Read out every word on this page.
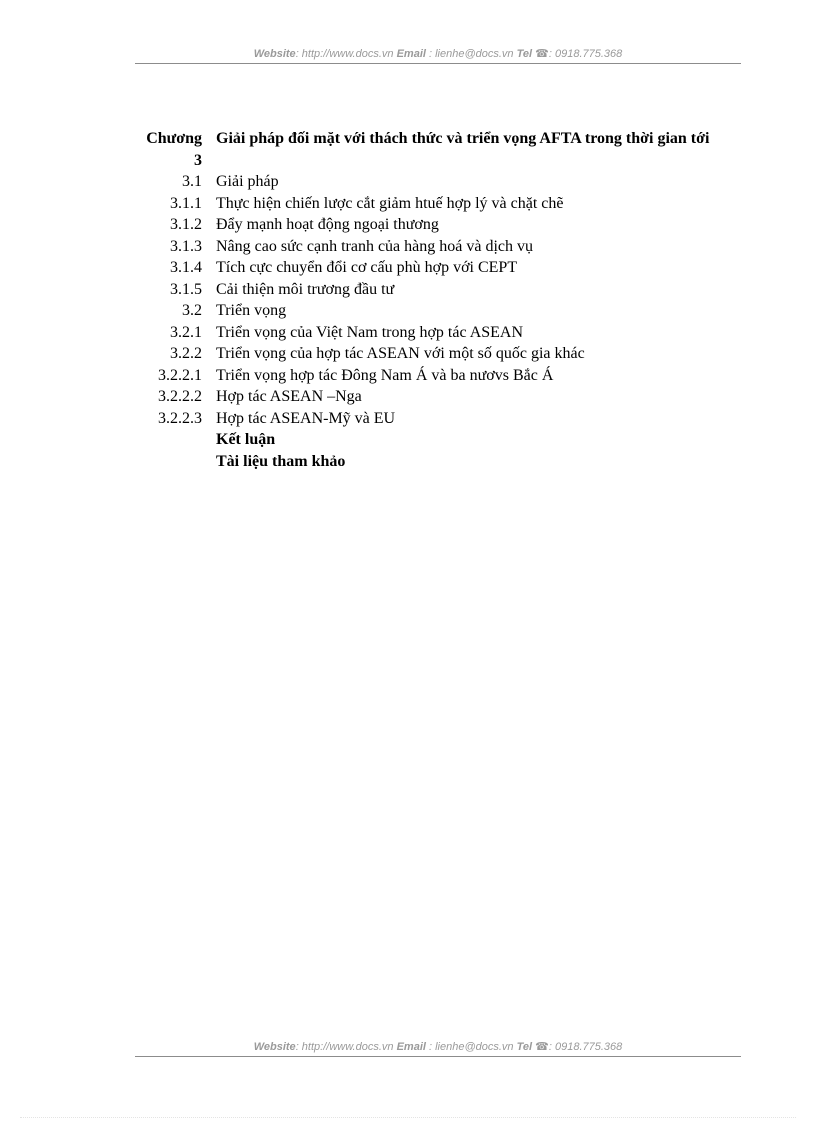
Website: http://www.docs.vn Email : lienhe@docs.vn Tel ☎: 0918.775.368
Chương 3
Giải pháp đối mặt với thách thức và triển vọng AFTA trong thời gian tới
3.1 Giải pháp
3.1.1 Thực hiện chiến lược cắt giảm htuế hợp lý và chặt chẽ
3.1.2 Đẩy mạnh hoạt động ngoại thương
3.1.3 Nâng cao sức cạnh tranh của hàng hoá và dịch vụ
3.1.4 Tích cực chuyển đổi cơ cấu phù hợp với CEPT
3.1.5 Cải thiện môi trương đầu tư
3.2 Triển vọng
3.2.1 Triển vọng của Việt Nam trong hợp tác ASEAN
3.2.2 Triển vọng của hợp tác ASEAN với một số quốc gia khác
3.2.2.1 Triển vọng hợp tác Đông Nam Á và ba nươvs Bắc Á
3.2.2.2 Hợp tác ASEAN –Nga
3.2.2.3 Hợp tác ASEAN-Mỹ và EU
Kết luận
Tài liệu tham khảo
Website: http://www.docs.vn Email : lienhe@docs.vn Tel ☎: 0918.775.368
